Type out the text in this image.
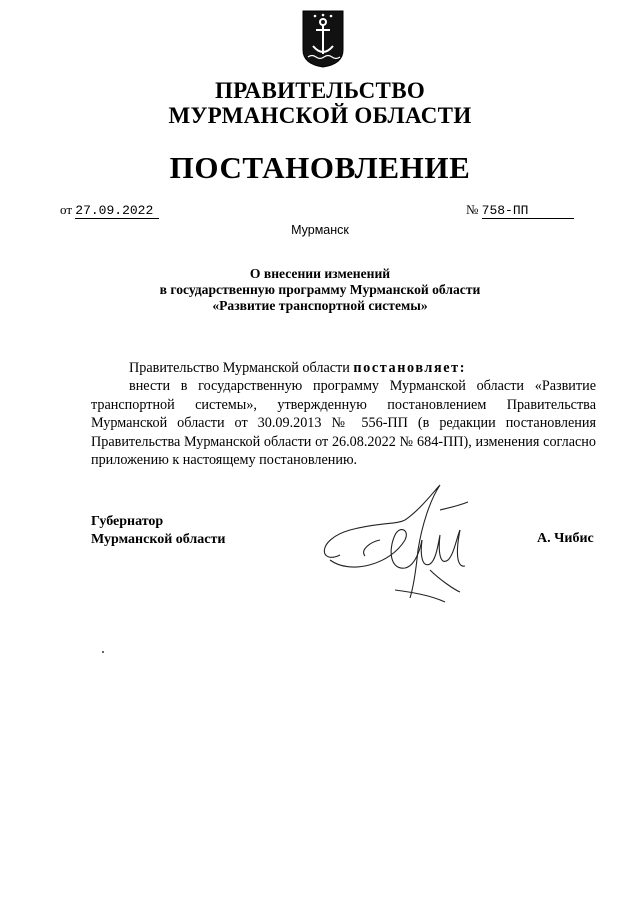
ПРАВИТЕЛЬСТВО
МУРМАНСКОЙ ОБЛАСТИ
ПОСТАНОВЛЕНИЕ
от 27.09.2022	№ 758-ПП
Мурманск
О внесении изменений
в государственную программу Мурманской области
«Развитие транспортной системы»

Правительство Мурманской области постановляет:

внести в государственную программу Мурманской области «Развитие транспортной системы», утвержденную постановлением Правительства Мурманской области от 30.09.2013 № 556-ПП (в редакции постановления Правительства Мурманской области от 26.08.2022 № 684-ПП), изменения согласно приложению к настоящему постановлению.

Губернатор
Мурманской области	А. Чибис
